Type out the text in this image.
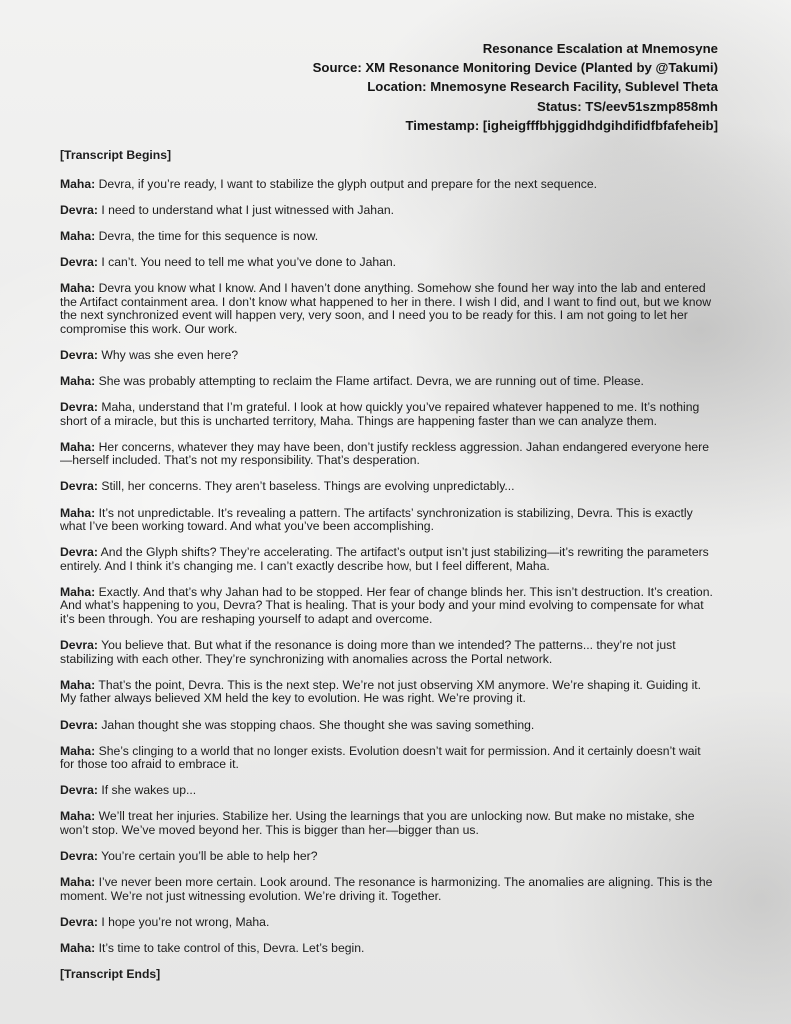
Resonance Escalation at Mnemosyne
Source: XM Resonance Monitoring Device (Planted by @Takumi)
Location: Mnemosyne Research Facility, Sublevel Theta
Status: TS/eev51szmp858mh
Timestamp: [igheigfffbhjggidhdgihdifidfbfafeheib]
[Transcript Begins]
Maha: Devra, if you’re ready, I want to stabilize the glyph output and prepare for the next sequence.
Devra: I need to understand what I just witnessed with Jahan.
Maha: Devra, the time for this sequence is now.
Devra: I can’t. You need to tell me what you’ve done to Jahan.
Maha: Devra you know what I know. And I haven’t done anything. Somehow she found her way into the lab and entered the Artifact containment area. I don’t know what happened to her in there. I wish I did, and I want to find out, but we know the next synchronized event will happen very, very soon, and I need you to be ready for this. I am not going to let her compromise this work. Our work.
Devra: Why was she even here?
Maha: She was probably attempting to reclaim the Flame artifact. Devra, we are running out of time. Please.
Devra: Maha, understand that I’m grateful. I look at how quickly you’ve repaired whatever happened to me. It’s nothing short of a miracle, but this is uncharted territory, Maha. Things are happening faster than we can analyze them.
Maha: Her concerns, whatever they may have been, don’t justify reckless aggression. Jahan endangered everyone here—herself included. That’s not my responsibility. That’s desperation.
Devra: Still, her concerns. They aren’t baseless. Things are evolving unpredictably...
Maha: It’s not unpredictable. It’s revealing a pattern. The artifacts’ synchronization is stabilizing, Devra. This is exactly what I’ve been working toward. And what you’ve been accomplishing.
Devra: And the Glyph shifts? They’re accelerating. The artifact’s output isn’t just stabilizing—it’s rewriting the parameters entirely. And I think it’s changing me. I can’t exactly describe how, but I feel different, Maha.
Maha: Exactly. And that’s why Jahan had to be stopped. Her fear of change blinds her. This isn’t destruction. It’s creation. And what’s happening to you, Devra? That is healing. That is your body and your mind evolving to compensate for what it’s been through. You are reshaping yourself to adapt and overcome.
Devra: You believe that. But what if the resonance is doing more than we intended? The patterns... they’re not just stabilizing with each other. They’re synchronizing with anomalies across the Portal network.
Maha: That’s the point, Devra. This is the next step. We’re not just observing XM anymore. We’re shaping it. Guiding it. My father always believed XM held the key to evolution. He was right. We’re proving it.
Devra: Jahan thought she was stopping chaos. She thought she was saving something.
Maha: She’s clinging to a world that no longer exists. Evolution doesn’t wait for permission. And it certainly doesn’t wait for those too afraid to embrace it.
Devra: If she wakes up...
Maha: We’ll treat her injuries. Stabilize her. Using the learnings that you are unlocking now. But make no mistake, she won’t stop. We’ve moved beyond her. This is bigger than her—bigger than us.
Devra: You’re certain you’ll be able to help her?
Maha: I’ve never been more certain. Look around. The resonance is harmonizing. The anomalies are aligning. This is the moment. We’re not just witnessing evolution. We’re driving it. Together.
Devra: I hope you’re not wrong, Maha.
Maha: It’s time to take control of this, Devra. Let’s begin.
[Transcript Ends]
